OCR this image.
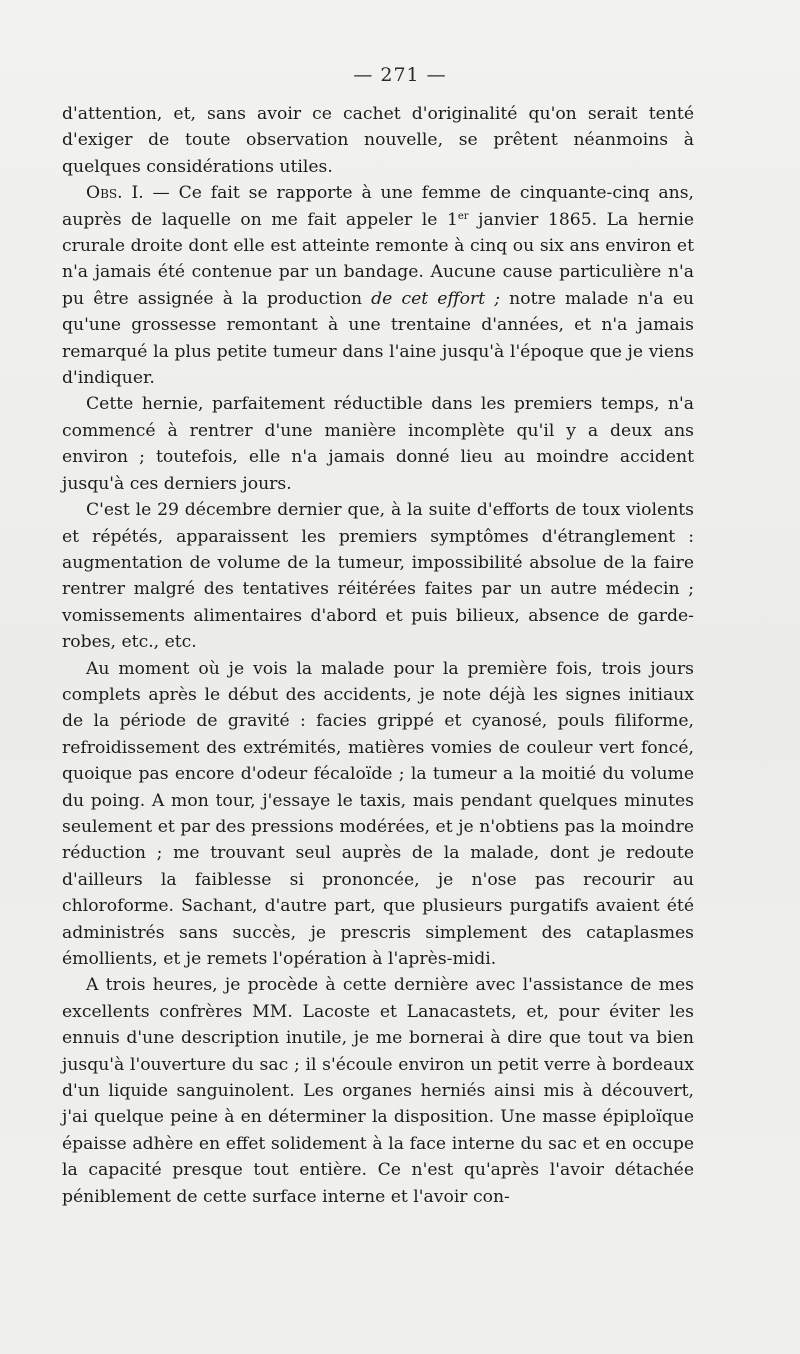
— 271 —

d'attention, et, sans avoir ce cachet d'originalité qu'on serait tenté d'exiger de toute observation nouvelle, se prêtent néanmoins à quelques considérations utiles.

Obs. I. — Ce fait se rapporte à une femme de cinquante-cinq ans, auprès de laquelle on me fait appeler le 1er janvier 1865. La hernie crurale droite dont elle est atteinte remonte à cinq ou six ans environ et n'a jamais été contenue par un bandage. Aucune cause particulière n'a pu être assignée à la production de cet effort ; notre malade n'a eu qu'une grossesse remontant à une trentaine d'années, et n'a jamais remarqué la plus petite tumeur dans l'aine jusqu'à l'époque que je viens d'indiquer.

Cette hernie, parfaitement réductible dans les premiers temps, n'a commencé à rentrer d'une manière incomplète qu'il y a deux ans environ ; toutefois, elle n'a jamais donné lieu au moindre accident jusqu'à ces derniers jours.

C'est le 29 décembre dernier que, à la suite d'efforts de toux violents et répétés, apparaissent les premiers symptômes d'étranglement : augmentation de volume de la tumeur, impossibilité absolue de la faire rentrer malgré des tentatives réitérées faites par un autre médecin ; vomissements alimentaires d'abord et puis bilieux, absence de garde-robes, etc., etc.

Au moment où je vois la malade pour la première fois, trois jours complets après le début des accidents, je note déjà les signes initiaux de la période de gravité : facies grippé et cyanosé, pouls filiforme, refroidissement des extrémités, matières vomies de couleur vert foncé, quoique pas encore d'odeur fécaloïde ; la tumeur a la moitié du volume du poing. A mon tour, j'essaye le taxis, mais pendant quelques minutes seulement et par des pressions modérées, et je n'obtiens pas la moindre réduction ; me trouvant seul auprès de la malade, dont je redoute d'ailleurs la faiblesse si prononcée, je n'ose pas recourir au chloroforme. Sachant, d'autre part, que plusieurs purgatifs avaient été administrés sans succès, je prescris simplement des cataplasmes émollients, et je remets l'opération à l'après-midi.

A trois heures, je procède à cette dernière avec l'assistance de mes excellents confrères MM. Lacoste et Lanacastets, et, pour éviter les ennuis d'une description inutile, je me bornerai à dire que tout va bien jusqu'à l'ouverture du sac ; il s'écoule environ un petit verre à bordeaux d'un liquide sanguinolent. Les organes herniés ainsi mis à découvert, j'ai quelque peine à en déterminer la disposition. Une masse épiploïque épaisse adhère en effet solidement à la face interne du sac et en occupe la capacité presque tout entière. Ce n'est qu'après l'avoir détachée péniblement de cette surface interne et l'avoir con-
